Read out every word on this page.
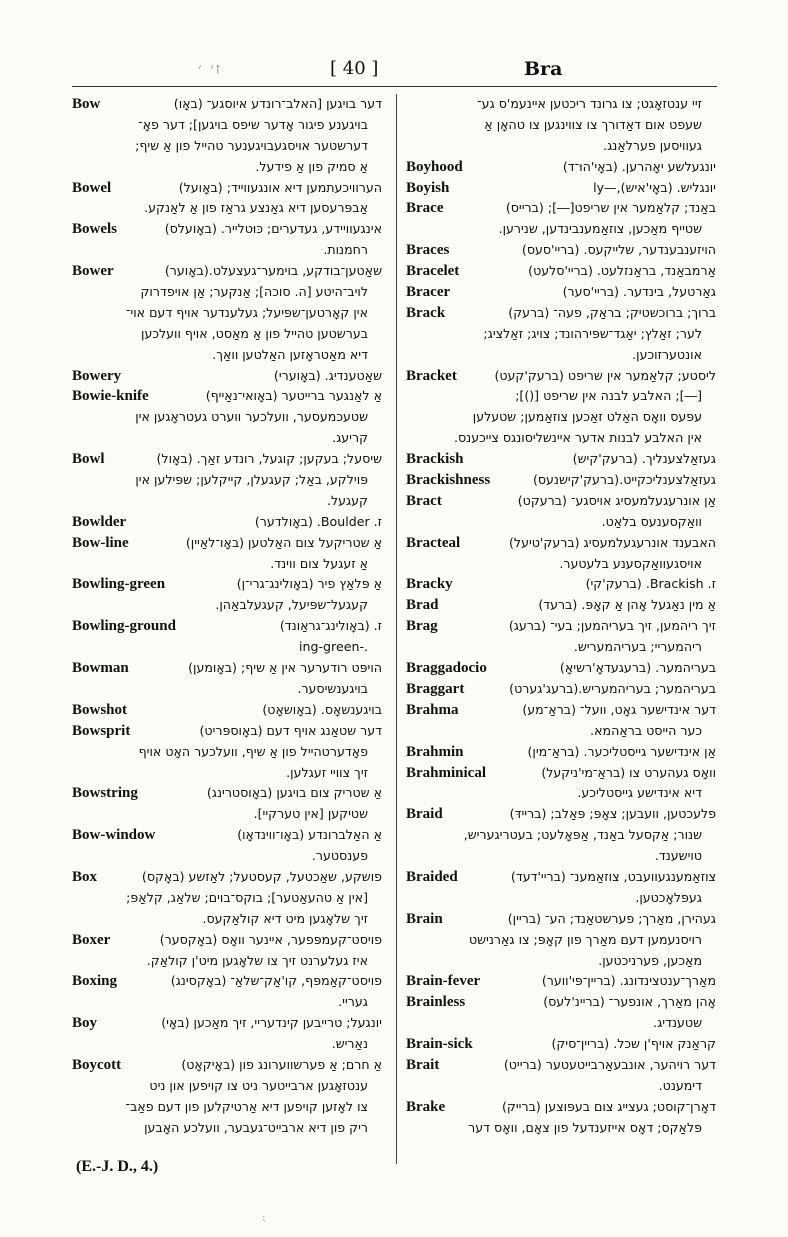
ז׳ ׳	[ 40 ]	Bra
Bow	דער בויגען [האלב־רונדע איוסגע־ (באָו)
בויגענע פיגור אָדער שיפס בויגען]; דער פאָ־
דערשטער אויסגעבויגענער טהייל פון אַ שיף;
אַ סמיק פון אַ פידעל.
Bowel	הערוויכעתמען דיא אונגעווייד; (באָועל)
אַבפּרעסען דיא גאַנצע גראַז פון אַ לאַנקע.
Bowels	אינגעוויידע, געדערים; כּוּטלייר. (באָועלס)
רחמנות.
Bower	שאַטען־בודקע, בוימער־געצעלט.(באָוער)
לויב־היטע [ה. סוכה]; אַנקער; אַן אויפדרוק
אין קאָרטען־שפּיעל; געלענדער אויף דעם אוי־
בערשטען טהייל פון אַ מאַסט, אויף וועלכען
דיא מאַטראָזען האַלטען וואַך.
Bowery	שאַטענדיג. (באָוערי)
Bowie-knife	אַ לאַנגער ברייטער (באָואי־נאַייף)
שטעכמעסער, וועלכער ווערט געטראָגען אין
קריעג.
Bowl	שיסעל; בעקען; קוגעל, רונדע זאַך. (באָול)
פּוילקע, באַל; קעגעלן, קייקלען; שפּילען אין
קעגעל.
Bowlder	ז. Boulder. (באָולדער)
Bow-line	אַ שטריקעל צום האַלטען (באָו־לאַיין)
אַ זעגעל צום ווינד.
Bowling-green	אַ פּלאַץ פיר (באָולינג־גרי־ן)
קעגעל־שפּיעל, קעגעלבאַהן.
Bowling-ground	ז. (באָולינג־גראַונד)
.-ing-green
Bowman	הויפּט רודערער אין אַ שיף; (באָומען)
בויגענשיסער.
Bowshot	בויגענשאָס. (באָושאָט)
Bowsprit	דער שטאַנג אויף דעם (באָוספּריט)
פאָדערטהייל פון אַ שיף, וועלכער האָט אויף
זיך צוויי זעגלען.
Bowstring	אַ שטריק צום בויגען (באָוסטרינג)
שטיקען [אין טערקיי].
Bow-window	אַ האַלברונדע (באָו־ווינדאָו)
פענסטער.
Box	פושקע, שאַכטעל, קעסטעל; לאַזשע (באָקס)
[אין אַ טהעאַטער]; בוקס־בוים; שלאַג, קלאַפּ;
זיך שלאָגען מיט דיא קולאַקעס.
Boxer	פויסט־קעמפּפער, איינער וואָס (באָקסער)
איז געלערנט זיך צו שלאָגען מיט'ן קולאַק.
Boxing	פויסט־קאַמפּף, קו'אַק־שלאַ־ (באָקסינג)
געריי.
Boy	יונגעל; טרייבען קינדעריי, זיך מאַכען (באָי)
נאַריש.
Boycott	אַ חרם; אַ פערשווערונג פון (באָיקאָט)
ענטזאָגען ארבייטער ניט צו קויפען און ניט
צו לאָזען קויפען דיא אַרטיקלען פון דעם פאַב־
ריק פון דיא ארבייט־געבער, וועלכע האָבען
זיי ענטזאָגט; צו גרונד ריכטען איינעמ'ס גע־
שעפט אום דאַדורך צו צווינגען צו טהאָן אַ
געוויסען פערלאַנג.
Boyhood	יונגעלשע יאָהרען. (באָי'הוּ־ד)
Boyish	יונגליש. (באָי'איש),—ly
Brace	באַנד; קלאַמער אין שריפט[―]; (ברייס)
שטייף מאַכען, צוזאַמענבינדען, שנירען.
Braces	הויזענבענדער, שלייקעס. (בריי'סעס)
Bracelet	אַרמבאַנד, בראַנזלעט. (בריי'סלעט)
Bracer	גאַרטעל, בינדער. (בריי'סער)
Brack	ברוך; ברוכשטיק; בראַק, פעה־ (ברעק)
לער; זאַלץ; יאַגד־שפּירהונד; צויג; זאַלציג;
אונטערזוכען.
Bracket	ליסטע; קלאַמער אין שריפט (ברעק'קעט)
[―]; האלבע לבנה אין שריפט [()];
עפּעס וואָס האַלט זאַכען צוזאַמען; שטעלען
אין האלבע לבנות אדער איינשליסונגס צייכענס.
Brackish	געזאַלצענליך. (ברעק'קיש)
Brackishness	געזאַלצענליכקייט.(ברעק'קישנעס)
Bract	אַן אונרעגעלמעסיג אויסגע־ (ברעקט)
וואַקסענעס בלאַט.
Bracteal	האבענד אונרעגעלמעסיג (ברעק'טיעל)
אויסגעוואַקסענע בלעטער.
Bracky	ז. Brackish. (ברעק'קי)
Brad	אַ מין נאַגעל אָהן אַ קאָפּ. (ברעד)
Brag	זיך ריהמען, זיך בעריהמען; בעי־ (ברעג)
ריהמעריי; בעריהמעריש.
Braggadocio	בעריהמער. (ברעגעדאָ'רשיאָ)
Braggart	בעריהמער; בעריהמעריש.(ברעג'גערט)
Brahma	דער אינדישער גאָט, וועל־ (בראַ־מע)
כער הייסט בראַהמא.
Brahmin	אַן אינדישער גייסטליכער. (בראַ־מין)
Brahminical	וואָס געהערט צו (בראַ־מי'ניקעל)
דיא אינדישע גייסטליכע.
Braid	פלעכטען, וועבען; צאָפּ; פּאַלב; (בריידּ)
שנור; אַקסעל באַנד, אַפּאָלעט; בעטריגעריש,
טוישענד.
Braided	צוזאַמענגעוועבט, צוזאַמענ־ (בריי'דעד)
געפּלאָכטען.
Brain	געהירן, מאַרך; פערשטאַנד; הע־ (בריין)
רויסנעמען דעם מאַרך פון קאָפּ; צו גאַרנישט
מאַכען, פערניכטען.
Brain-fever	מאַרך־ענטצינדונג. (בריין־פּי'ווער)
Brainless	אָהן מאַרך, אונפער־ (בריינ'לעס)
שטענדיג.
Brain-sick	קראַנק אויף'ן שכל. (בריין־סיק)
Brait	דער רויהער, אונבעאַרבייטעטער (ברייט)
דימענט.
Brake	דאָרן־קוסט; געצייג צום בעפּוצען (ברייק)
פּלאַקס; דאָס אייזענדעל פון צאָם, וואָס דער
(E.-J. D., 4.)
⁏
